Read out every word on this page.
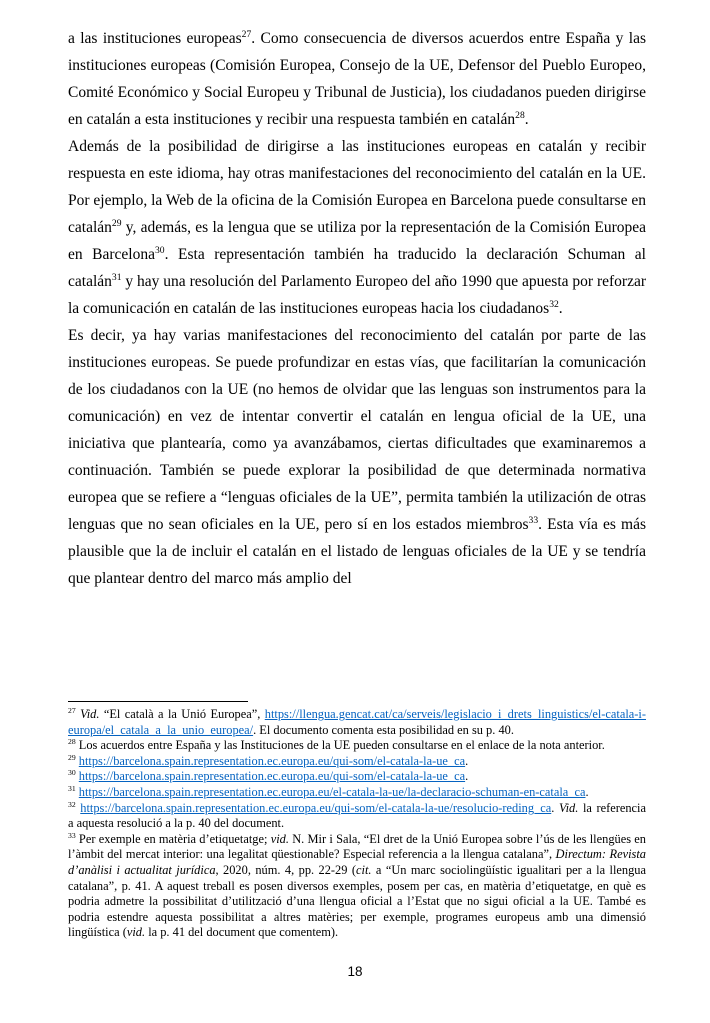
a las instituciones europeas$^{27}$. Como consecuencia de diversos acuerdos entre España y las instituciones europeas (Comisión Europea, Consejo de la UE, Defensor del Pueblo Europeo, Comité Económico y Social Europeu y Tribunal de Justicia), los ciudadanos pueden dirigirse en catalán a esta instituciones y recibir una respuesta también en catalán$^{28}$.

Además de la posibilidad de dirigirse a las instituciones europeas en catalán y recibir respuesta en este idioma, hay otras manifestaciones del reconocimiento del catalán en la UE. Por ejemplo, la Web de la oficina de la Comisión Europea en Barcelona puede consultarse en catalán$^{29}$ y, además, es la lengua que se utiliza por la representación de la Comisión Europea en Barcelona$^{30}$. Esta representación también ha traducido la declaración Schuman al catalán$^{31}$ y hay una resolución del Parlamento Europeo del año 1990 que apuesta por reforzar la comunicación en catalán de las instituciones europeas hacia los ciudadanos$^{32}$.

Es decir, ya hay varias manifestaciones del reconocimiento del catalán por parte de las instituciones europeas. Se puede profundizar en estas vías, que facilitarían la comunicación de los ciudadanos con la UE (no hemos de olvidar que las lenguas son instrumentos para la comunicación) en vez de intentar convertir el catalán en lengua oficial de la UE, una iniciativa que plantearía, como ya avanzábamos, ciertas dificultades que examinaremos a continuación. También se puede explorar la posibilidad de que determinada normativa europea que se refiere a “lenguas oficiales de la UE”, permita también la utilización de otras lenguas que no sean oficiales en la UE, pero sí en los estados miembros$^{33}$. Esta vía es más plausible que la de incluir el catalán en el listado de lenguas oficiales de la UE y se tendría que plantear dentro del marco más amplio del

$^{27}$ Vid. “El català a la Unió Europea”, https://llengua.gencat.cat/ca/serveis/legislacio_i_drets_linguistics/el-catala-i-europa/el_catala_a_la_unio_europea/. El documento comenta esta posibilidad en su p. 40.
$^{28}$ Los acuerdos entre España y las Instituciones de la UE pueden consultarse en el enlace de la nota anterior.
$^{29}$ https://barcelona.spain.representation.ec.europa.eu/qui-som/el-catala-la-ue_ca.
$^{30}$ https://barcelona.spain.representation.ec.europa.eu/qui-som/el-catala-la-ue_ca.
$^{31}$ https://barcelona.spain.representation.ec.europa.eu/el-catala-la-ue/la-declaracio-schuman-en-catala_ca.
$^{32}$ https://barcelona.spain.representation.ec.europa.eu/qui-som/el-catala-la-ue/resolucio-reding_ca. Vid. la referencia a aquesta resolució a la p. 40 del document.
$^{33}$ Per exemple en matèria d’etiquetatge; vid. N. Mir i Sala, “El dret de la Unió Europea sobre l’ús de les llengües en l’àmbit del mercat interior: una legalitat qüestionable? Especial referencia a la llengua catalana”, Directum: Revista d’anàlisi i actualitat jurídica, 2020, núm. 4, pp. 22-29 (cit. a “Un marc sociolingüístic igualitari per a la llengua catalana”, p. 41. A aquest treball es posen diversos exemples, posem per cas, en matèria d’etiquetatge, en què es podria admetre la possibilitat d’utilització d’una llengua oficial a l’Estat que no sigui oficial a la UE. També es podria estendre aquesta possibilitat a altres matèries; per exemple, programes europeus amb una dimensió lingüística (vid. la p. 41 del document que comentem).
18
